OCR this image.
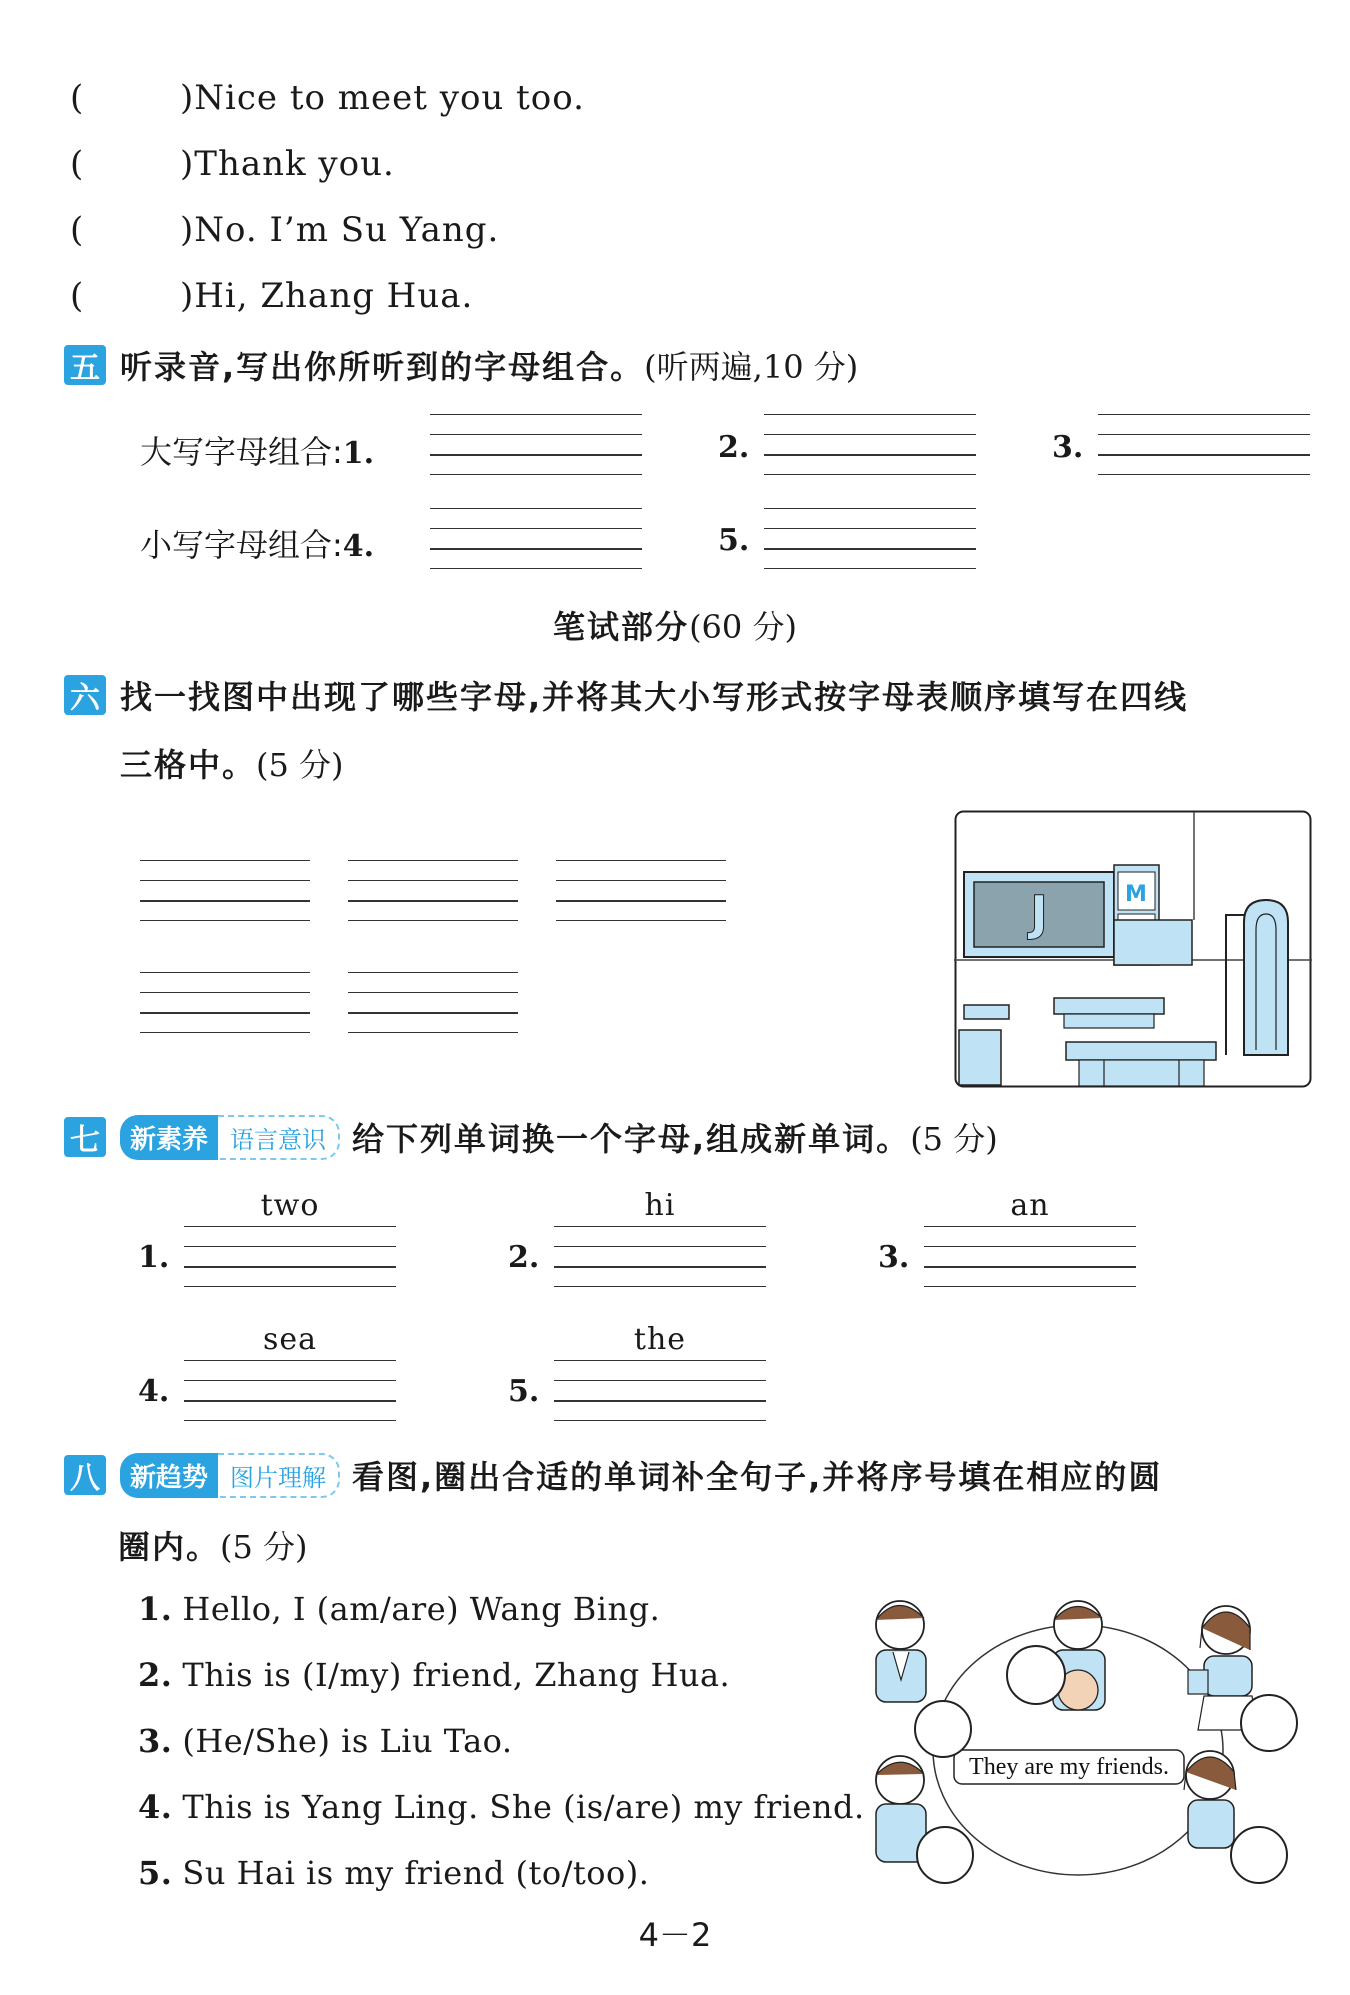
(	)Nice to meet you too.
(	)Thank you.
(	)No. I’m Su Yang.
(	)Hi, Zhang Hua.
五 听录音,写出你所听到的字母组合。 (听两遍,10 分)
大写字母组合:1.	2.	3.
小写字母组合:4.	5.
笔试部分(60 分)
六 找一找图中出现了哪些字母,并将其大小写形式按字母表顺序填写在四线
三格中。(5 分)
J	M
七	新素养 语言意识 给下列单词换一个字母,组成新单词。 (5 分)
two
1.
hi
2.
an
3.
sea
4.
the
5.
八	新趋势 图片理解 看图,圈出合适的单词补全句子,并将序号填在相应的圆
圈内。(5 分)
1. Hello, I (am/are) Wang Bing.
2. This is (I/my) friend, Zhang Hua.
3. (He/She) is Liu Tao.
4. This is Yang Ling. She (is/are) my friend.
5. Su Hai is my friend (to/too).
They are my friends.
4－2
